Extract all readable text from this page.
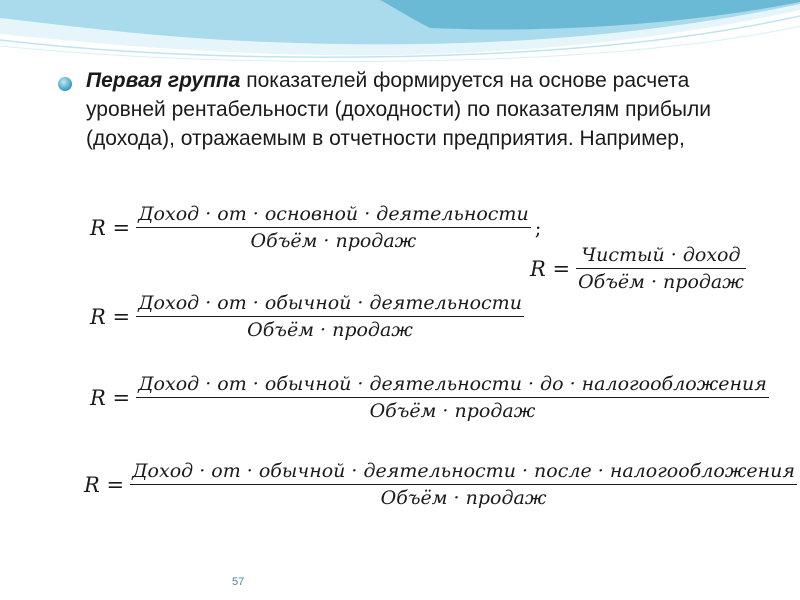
Первая группа показателей формируется на основе расчета уровней рентабельности (доходности) по показателям прибыли (дохода), отражаемым в отчетности предприятия. Например,
$R = \frac{\text{Доход · от · основной · деятельности}}{\text{Объём · продаж}}$ ;
$R = \frac{\text{Чистый · доход}}{\text{Объём · продаж}}$
$R = \frac{\text{Доход · от · обычной · деятельности}}{\text{Объём · продаж}}$
$R = \frac{\text{Доход · от · обычной · деятельности · до · налогообложения}}{\text{Объём · продаж}}$
R =
Доход · от · обычной · деятельности · после · налогообложения
Объём · продаж
57
